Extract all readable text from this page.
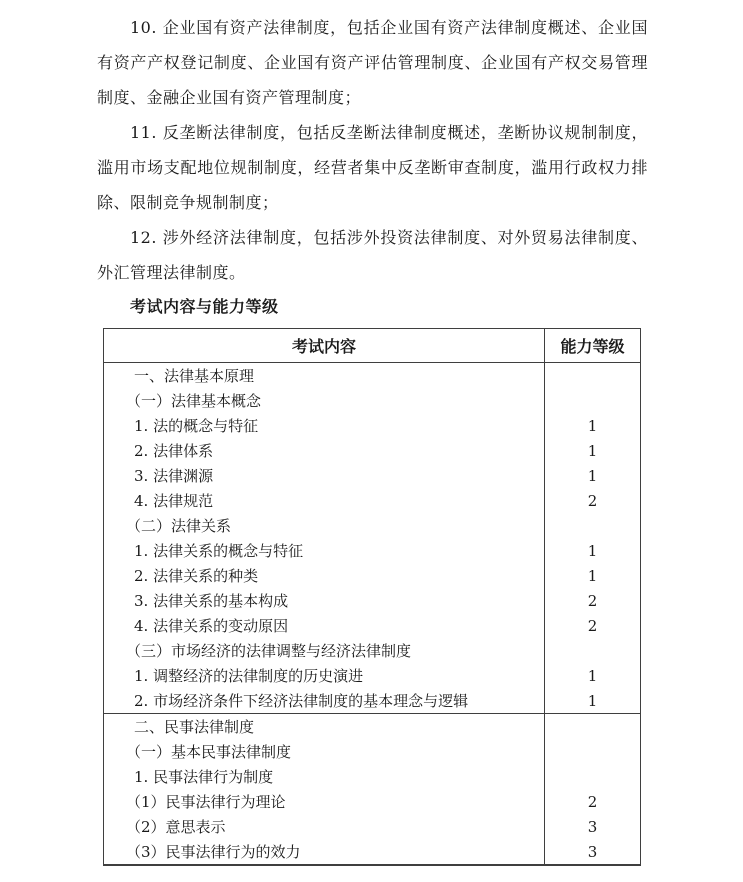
10. 企业国有资产法律制度，包括企业国有资产法律制度概述、企业国有资产产权登记制度、企业国有资产评估管理制度、企业国有产权交易管理制度、金融企业国有资产管理制度；

11. 反垄断法律制度，包括反垄断法律制度概述，垄断协议规制制度，滥用市场支配地位规制制度，经营者集中反垄断审查制度，滥用行政权力排除、限制竞争规制制度；

12. 涉外经济法律制度，包括涉外投资法律制度、对外贸易法律制度、外汇管理法律制度。

考试内容与能力等级
考试内容	能力等级
一、法律基本原理
（一）法律基本概念
1. 法的概念与特征	1
2. 法律体系	1
3. 法律渊源	1
4. 法律规范	2
（二）法律关系
1. 法律关系的概念与特征	1
2. 法律关系的种类	1
3. 法律关系的基本构成	2
4. 法律关系的变动原因	2
（三）市场经济的法律调整与经济法律制度
1. 调整经济的法律制度的历史演进	1
2. 市场经济条件下经济法律制度的基本理念与逻辑	1
二、民事法律制度
（一）基本民事法律制度
1. 民事法律行为制度
（1）民事法律行为理论	2
（2）意思表示	3
（3）民事法律行为的效力	3
